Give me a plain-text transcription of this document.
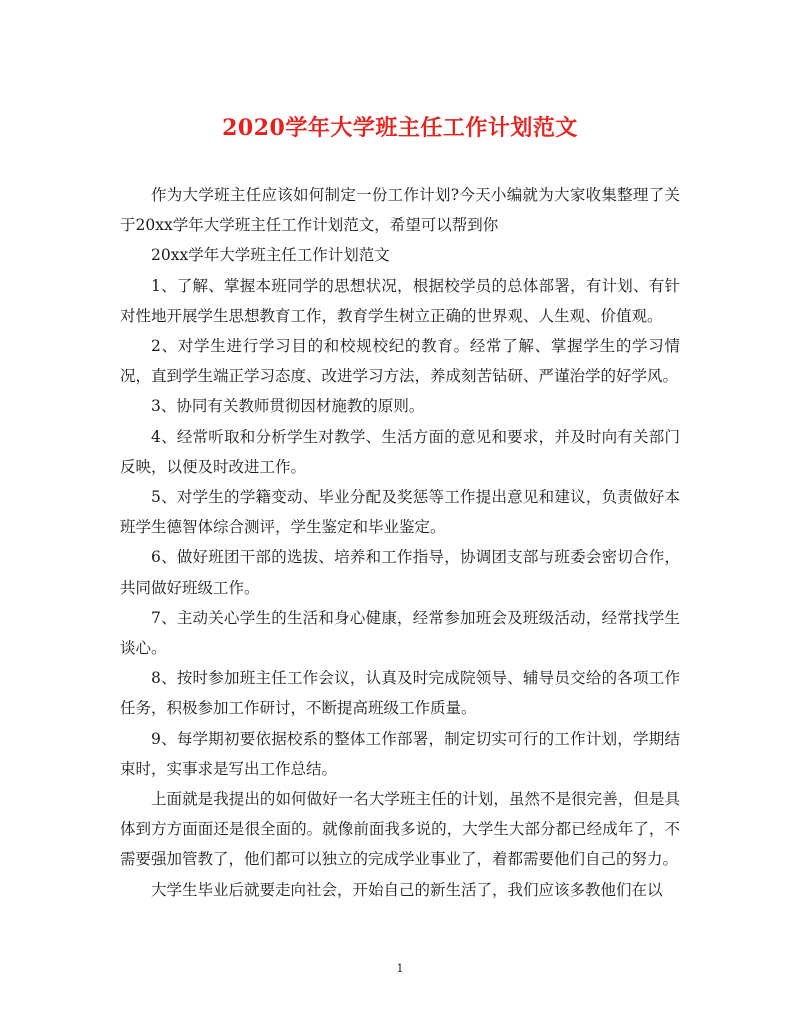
2020学年大学班主任工作计划范文

作为大学班主任应该如何制定一份工作计划?今天小编就为大家收集整理了关于20xx学年大学班主任工作计划范文，希望可以帮到你

20xx学年大学班主任工作计划范文

1、了解、掌握本班同学的思想状况，根据校学员的总体部署，有计划、有针对性地开展学生思想教育工作，教育学生树立正确的世界观、人生观、价值观。

2、对学生进行学习目的和校规校纪的教育。经常了解、掌握学生的学习情况，直到学生端正学习态度、改进学习方法，养成刻苦钻研、严谨治学的好学风。

3、协同有关教师贯彻因材施教的原则。

4、经常听取和分析学生对教学、生活方面的意见和要求，并及时向有关部门反映，以便及时改进工作。

5、对学生的学籍变动、毕业分配及奖惩等工作提出意见和建议，负责做好本班学生德智体综合测评，学生鉴定和毕业鉴定。

6、做好班团干部的选拔、培养和工作指导，协调团支部与班委会密切合作，共同做好班级工作。

7、主动关心学生的生活和身心健康，经常参加班会及班级活动，经常找学生谈心。

8、按时参加班主任工作会议，认真及时完成院领导、辅导员交给的各项工作任务，积极参加工作研讨，不断提高班级工作质量。

9、每学期初要依据校系的整体工作部署，制定切实可行的工作计划，学期结束时，实事求是写出工作总结。

上面就是我提出的如何做好一名大学班主任的计划，虽然不是很完善，但是具体到方方面面还是很全面的。就像前面我多说的，大学生大部分都已经成年了，不需要强加管教了，他们都可以独立的完成学业事业了，着都需要他们自己的努力。

大学生毕业后就要走向社会，开始自己的新生活了，我们应该多教他们在以

1
